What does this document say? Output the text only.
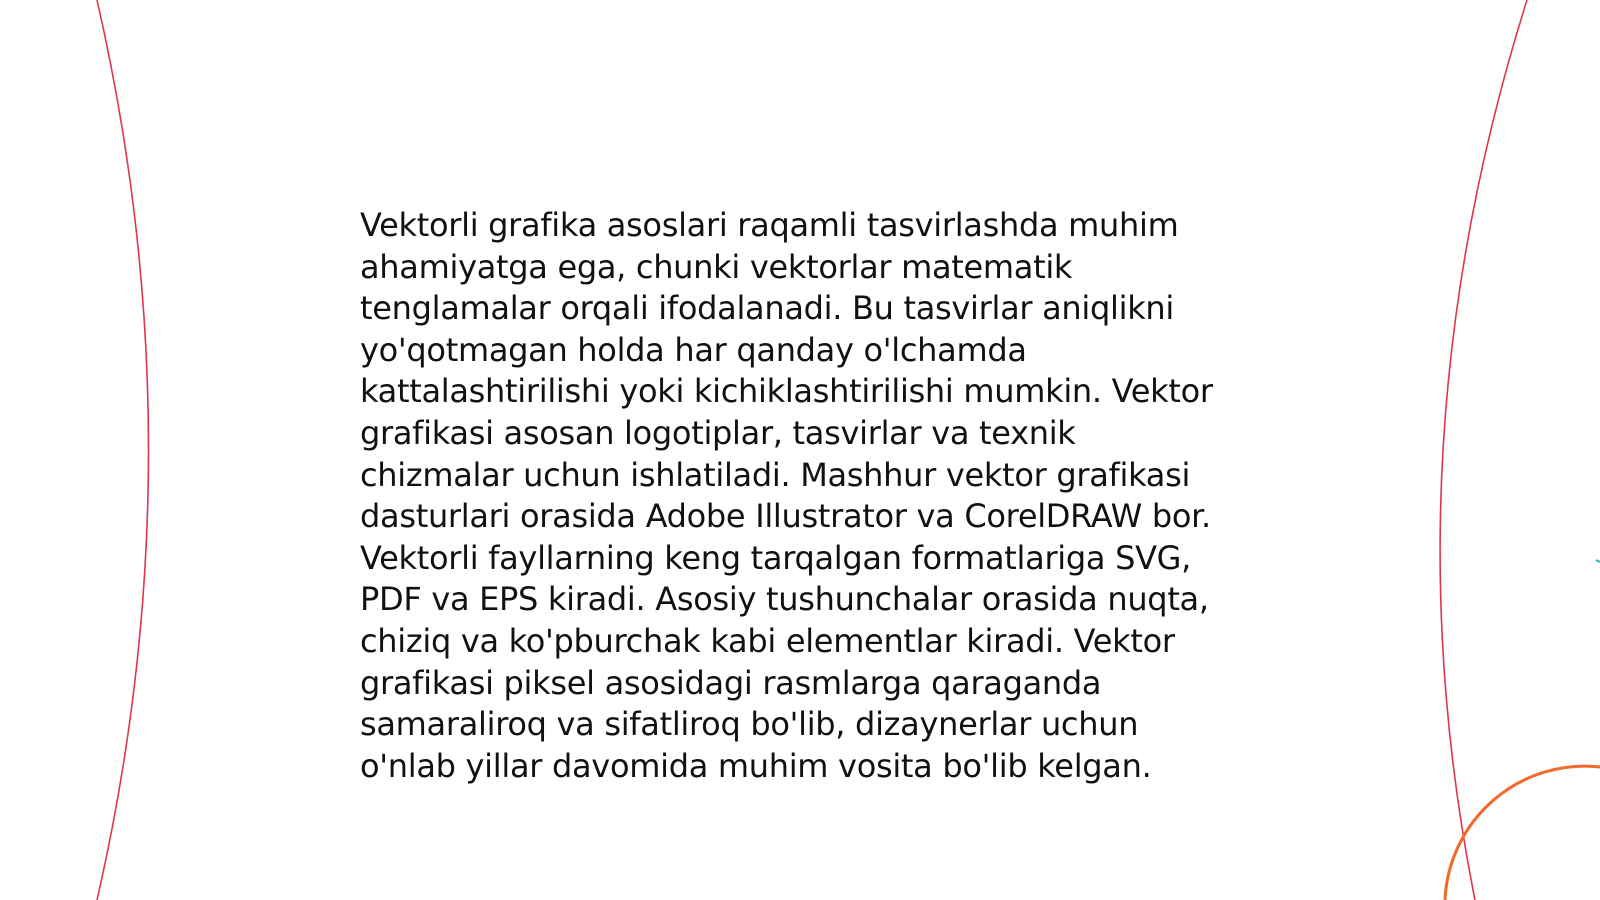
Vektorli grafika asoslari raqamli tasvirlashda muhim
ahamiyatga ega, chunki vektorlar matematik
tenglamalar orqali ifodalanadi. Bu tasvirlar aniqlikni
yo'qotmagan holda har qanday o'lchamda
kattalashtirilishi yoki kichiklashtirilishi mumkin. Vektor
grafikasi asosan logotiplar, tasvirlar va texnik
chizmalar uchun ishlatiladi. Mashhur vektor grafikasi
dasturlari orasida Adobe Illustrator va CorelDRAW bor.
Vektorli fayllarning keng tarqalgan formatlariga SVG,
PDF va EPS kiradi. Asosiy tushunchalar orasida nuqta,
chiziq va ko'pburchak kabi elementlar kiradi. Vektor
grafikasi piksel asosidagi rasmlarga qaraganda
samaraliroq va sifatliroq bo'lib, dizaynerlar uchun
o'nlab yillar davomida muhim vosita bo'lib kelgan.
